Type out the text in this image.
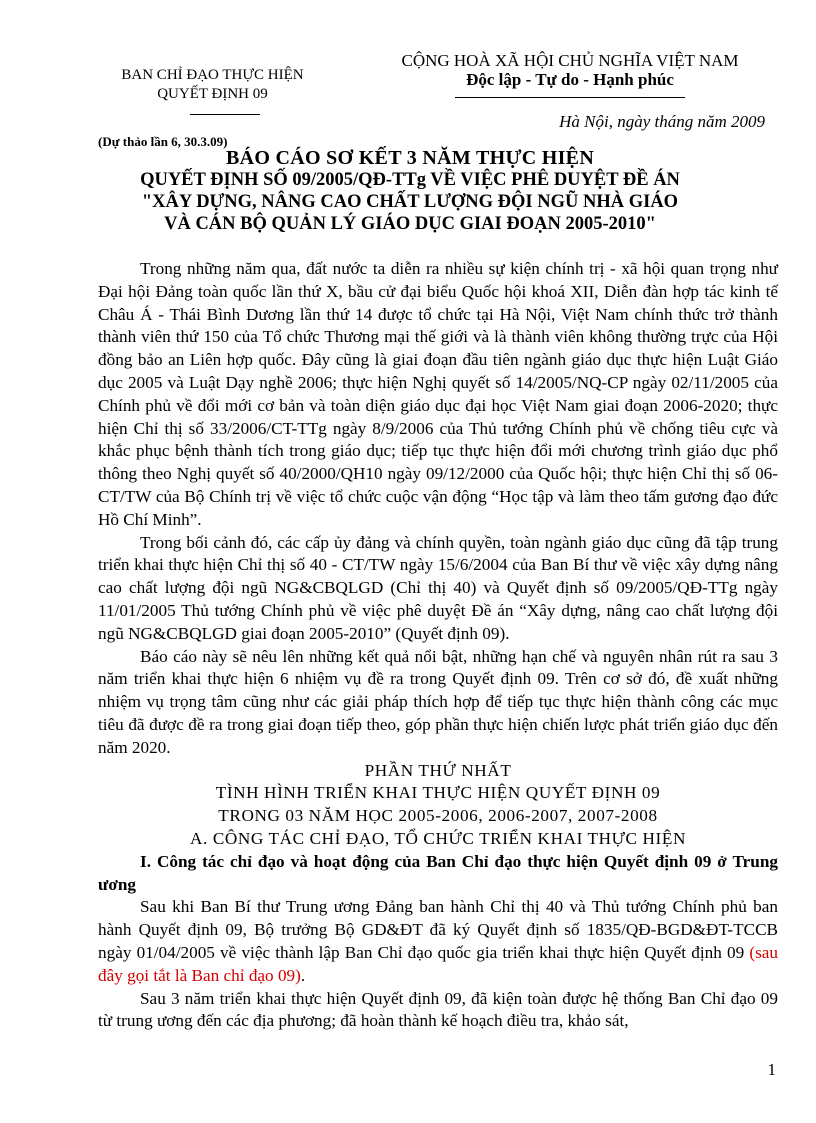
BAN CHỈ ĐẠO THỰC HIỆN
QUYẾT ĐỊNH 09
CỘNG HOÀ XÃ HỘI CHỦ NGHĨA VIỆT NAM
Độc lập - Tự do - Hạnh phúc
Hà Nội, ngày tháng năm 2009
(Dự thảo lần 6, 30.3.09)
BÁO CÁO SƠ KẾT 3 NĂM THỰC HIỆN
QUYẾT ĐỊNH SỐ 09/2005/QĐ-TTg VỀ VIỆC PHÊ DUYỆT ĐỀ ÁN
"XÂY DỰNG, NÂNG CAO CHẤT LƯỢNG ĐỘI NGŨ NHÀ GIÁO
VÀ CÁN BỘ QUẢN LÝ GIÁO DỤC GIAI ĐOẠN 2005-2010"

Trong những năm qua, đất nước ta diễn ra nhiều sự kiện chính trị - xã hội quan trọng như Đại hội Đảng toàn quốc lần thứ X, bầu cử đại biểu Quốc hội khoá XII, Diễn đàn hợp tác kinh tế Châu Á - Thái Bình Dương lần thứ 14 được tổ chức tại Hà Nội, Việt Nam chính thức trở thành thành viên thứ 150 của Tổ chức Thương mại thế giới và là thành viên không thường trực của Hội đồng bảo an Liên hợp quốc. Đây cũng là giai đoạn đầu tiên ngành giáo dục thực hiện Luật Giáo dục 2005 và Luật Dạy nghề 2006; thực hiện Nghị quyết số 14/2005/NQ-CP ngày 02/11/2005 của Chính phủ về đổi mới cơ bản và toàn diện giáo dục đại học Việt Nam giai đoạn 2006-2020; thực hiện Chỉ thị số 33/2006/CT-TTg ngày 8/9/2006 của Thủ tướng Chính phủ về chống tiêu cực và khắc phục bệnh thành tích trong giáo dục; tiếp tục thực hiện đổi mới chương trình giáo dục phổ thông theo Nghị quyết số 40/2000/QH10 ngày 09/12/2000 của Quốc hội; thực hiện Chỉ thị số 06-CT/TW của Bộ Chính trị về việc tổ chức cuộc vận động “Học tập và làm theo tấm gương đạo đức Hồ Chí Minh”.

Trong bối cảnh đó, các cấp ủy đảng và chính quyền, toàn ngành giáo dục cũng đã tập trung triển khai thực hiện Chỉ thị số 40 - CT/TW ngày 15/6/2004 của Ban Bí thư về việc xây dựng nâng cao chất lượng đội ngũ NG&CBQLGD (Chỉ thị 40) và Quyết định số 09/2005/QĐ-TTg ngày 11/01/2005 Thủ tướng Chính phủ về việc phê duyệt Đề án “Xây dựng, nâng cao chất lượng đội ngũ NG&CBQLGD giai đoạn 2005-2010” (Quyết định 09).

Báo cáo này sẽ nêu lên những kết quả nổi bật, những hạn chế và nguyên nhân rút ra sau 3 năm triển khai thực hiện 6 nhiệm vụ đề ra trong Quyết định 09. Trên cơ sở đó, đề xuất những nhiệm vụ trọng tâm cũng như các giải pháp thích hợp để tiếp tục thực hiện thành công các mục tiêu đã được đề ra trong giai đoạn tiếp theo, góp phần thực hiện chiến lược phát triển giáo dục đến năm 2020.

PHẦN THỨ NHẤT

TÌNH HÌNH TRIỂN KHAI THỰC HIỆN QUYẾT ĐỊNH 09

TRONG 03 NĂM HỌC 2005-2006, 2006-2007, 2007-2008

A. CÔNG TÁC CHỈ ĐẠO, TỔ CHỨC TRIỂN KHAI THỰC HIỆN

I. Công tác chỉ đạo và hoạt động của Ban Chỉ đạo thực hiện Quyết định 09 ở Trung ương

Sau khi Ban Bí thư Trung ương Đảng ban hành Chỉ thị 40 và Thủ tướng Chính phủ ban hành Quyết định 09, Bộ trưởng Bộ GD&ĐT đã ký Quyết định số 1835/QĐ-BGD&ĐT-TCCB ngày 01/04/2005 về việc thành lập Ban Chỉ đạo quốc gia triển khai thực hiện Quyết định 09 (sau đây gọi tắt là Ban chỉ đạo 09).

Sau 3 năm triển khai thực hiện Quyết định 09, đã kiện toàn được hệ thống Ban Chỉ đạo 09 từ trung ương đến các địa phương; đã hoàn thành kế hoạch điều tra, khảo sát,

1
